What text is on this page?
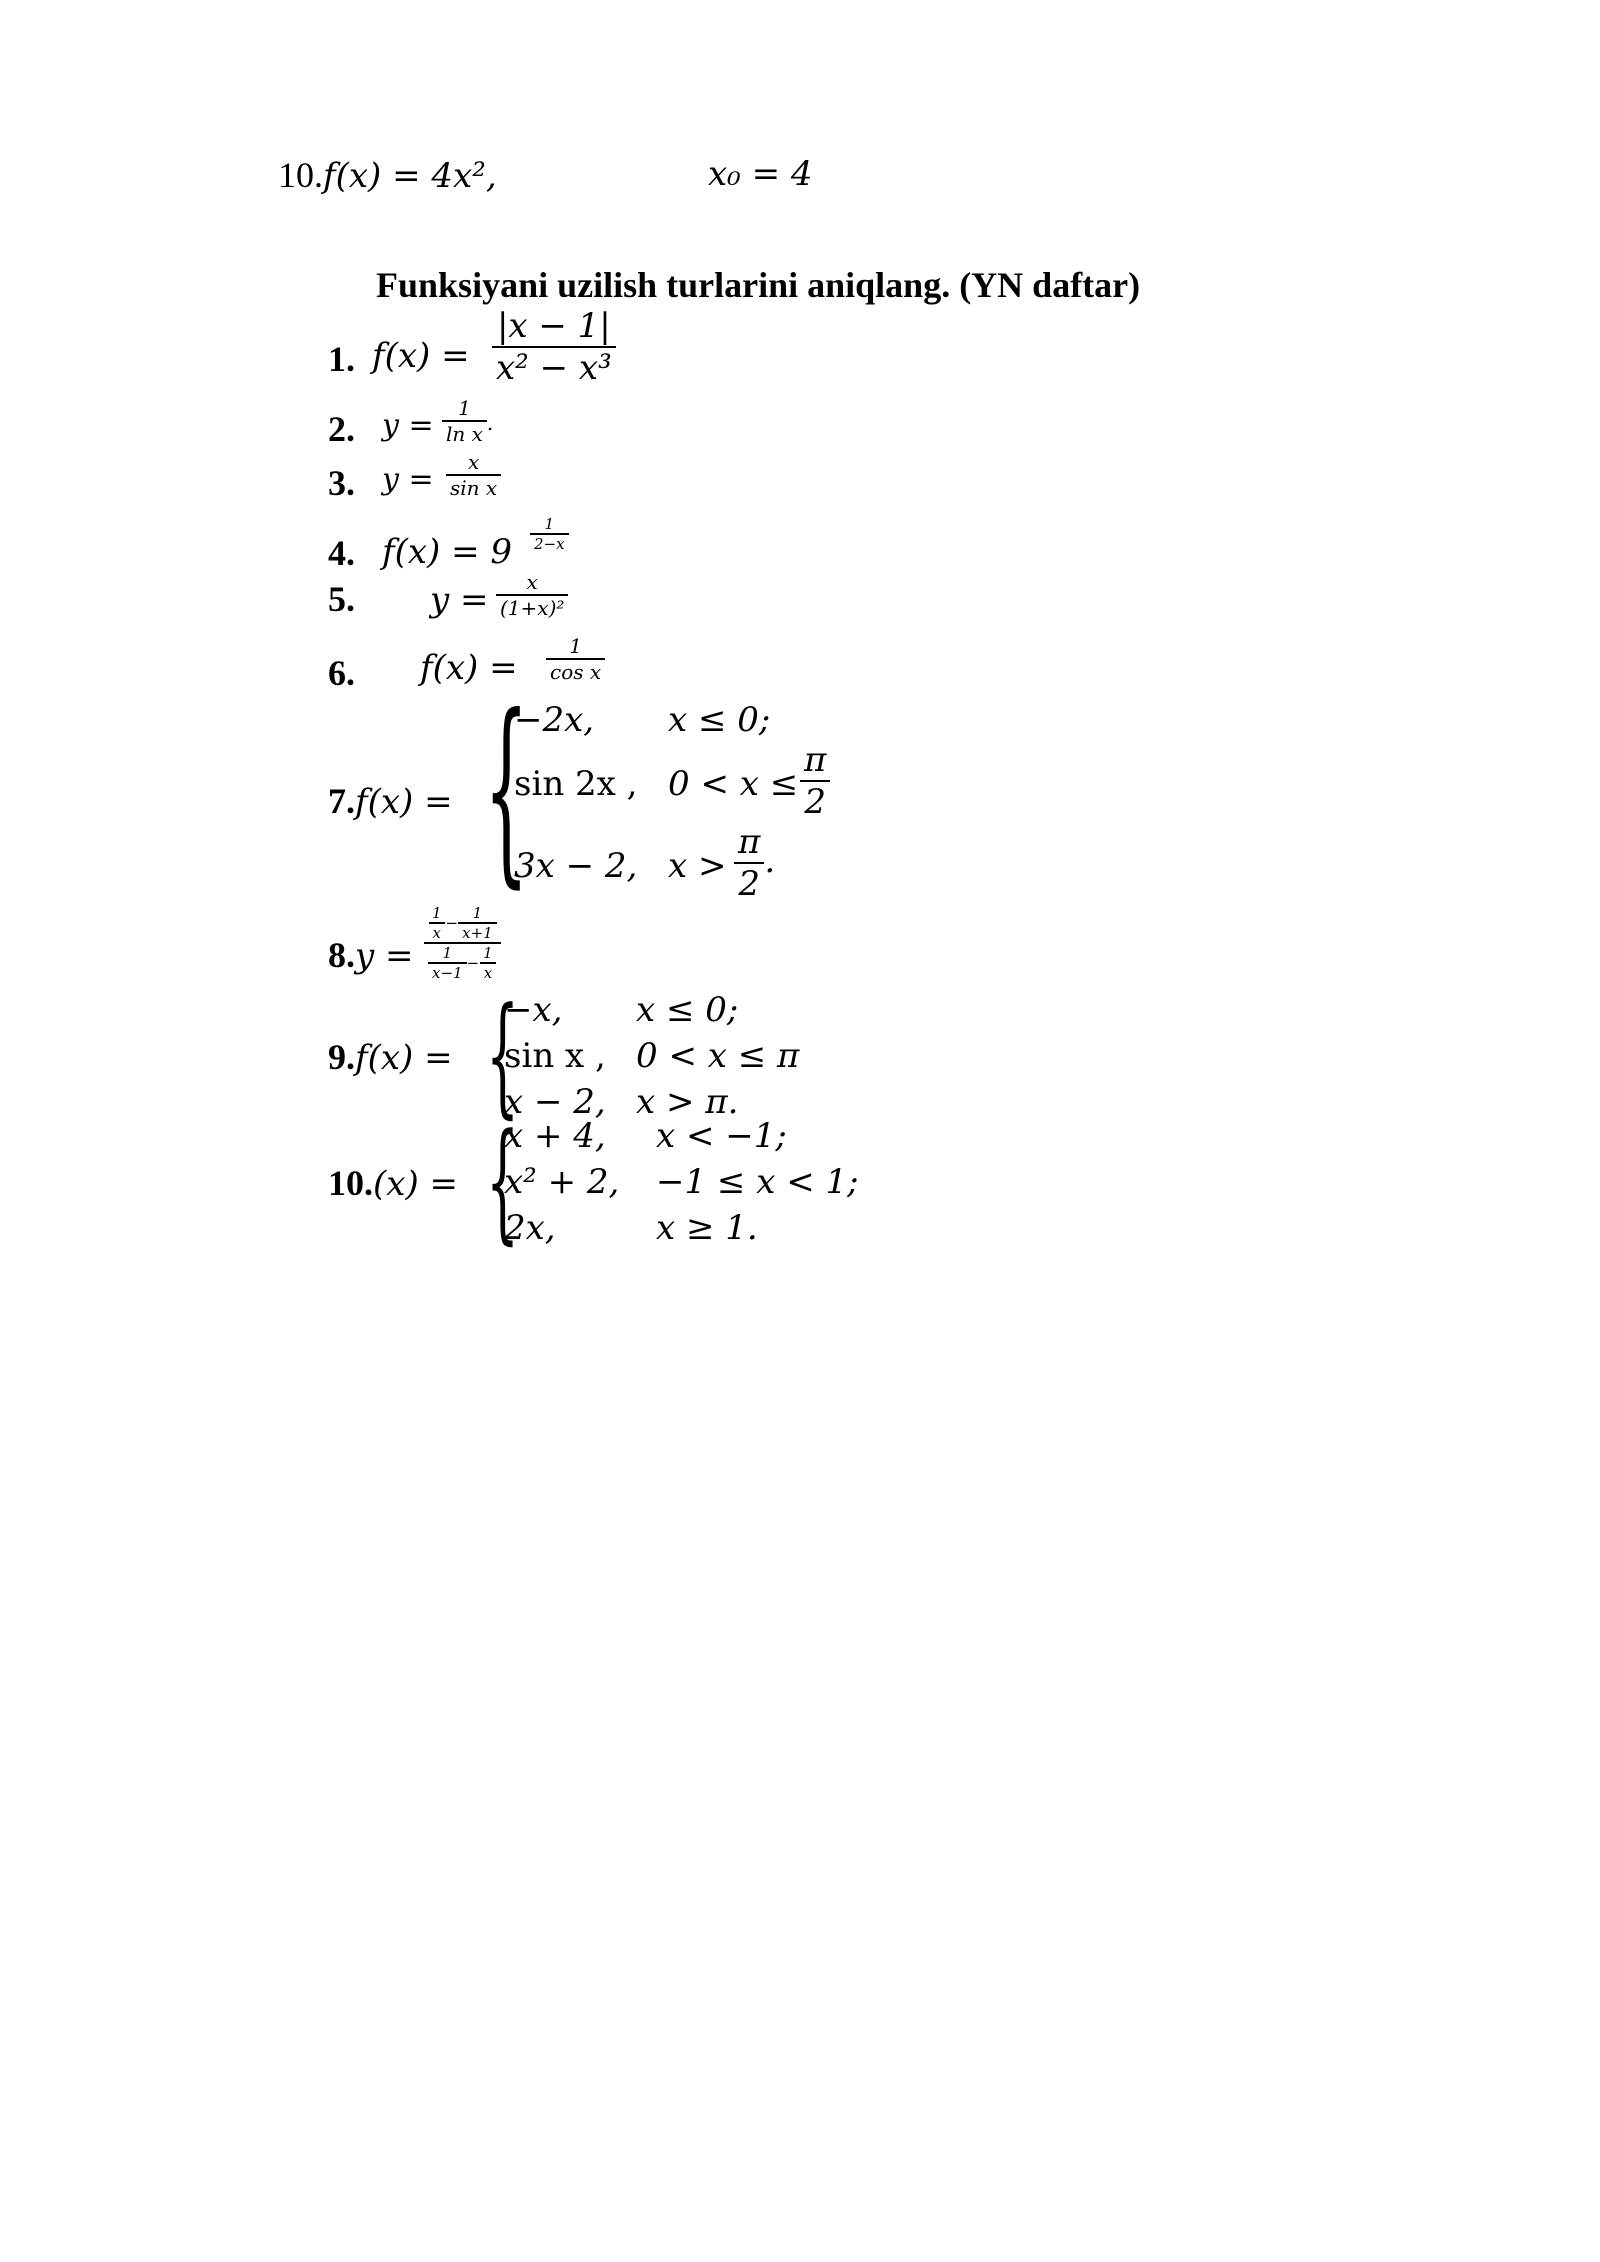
10.f(x) = 4x²,	x₀ = 4
Funksiyani uzilish turlarini aniqlang. (YN daftar)
1. $f(x) = \frac{|x - 1|}{\text{x² − x³}}$
2. $y = \frac{1}{\text{ln x}}$ .
3. $y = \frac{x}{\text{sin x}}$
4. $f(x) = 9 \frac{1}{2-x}$
5. $y = \frac{x}{\text{(1+x)²}}$
6. $f(x) = \frac{1}{\text{cos x}}$
7.f(x) = {
−2x, x ≤ 0;
sin 2x , $0 < x \le \frac{\pi}{2}$
3x − 2, $x > \frac{\pi}{2}$ .
$8.y = \frac{\frac{1}{x} - \frac{1}{x+1}}{\frac{1}{x-1} - \frac{1}{x}}$
9.f(x) = {
−x, x ≤ 0;
sin x , 0 < x ≤ π
x − 2, x > π.
10.(x) = {
x + 4, x < −1;
x² + 2, −1 ≤ x < 1;
2x,	x ≥ 1.
